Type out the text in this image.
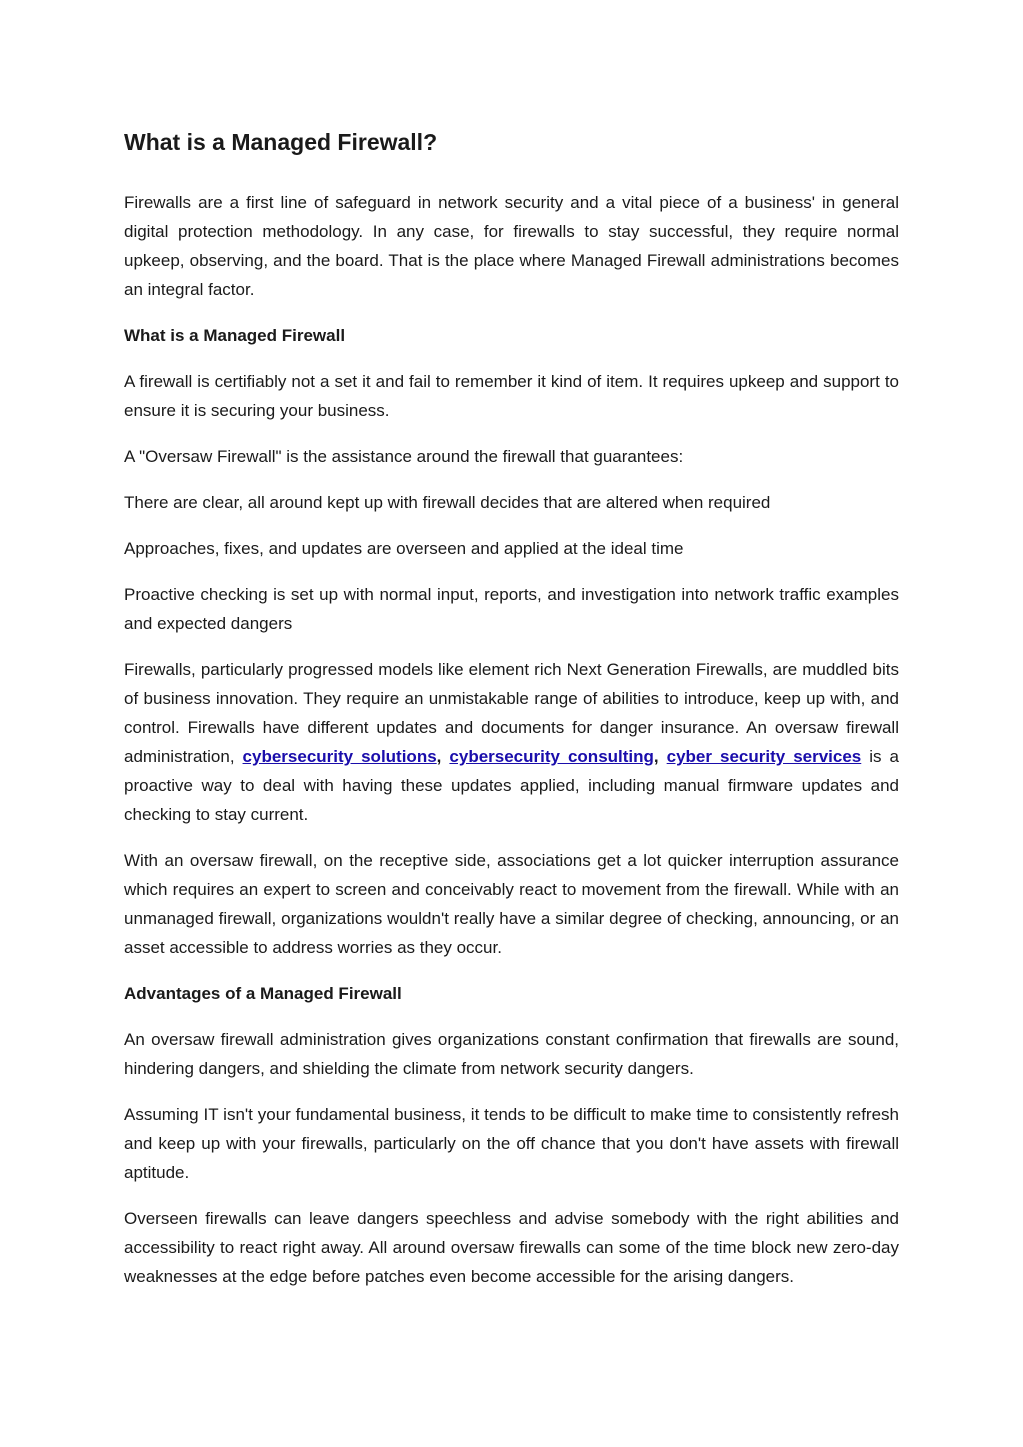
What is a Managed Firewall?

Firewalls are a first line of safeguard in network security and a vital piece of a business' in general digital protection methodology. In any case, for firewalls to stay successful, they require normal upkeep, observing, and the board. That is the place where Managed Firewall administrations becomes an integral factor.

What is a Managed Firewall

A firewall is certifiably not a set it and fail to remember it kind of item. It requires upkeep and support to ensure it is securing your business.

A "Oversaw Firewall" is the assistance around the firewall that guarantees:

There are clear, all around kept up with firewall decides that are altered when required

Approaches, fixes, and updates are overseen and applied at the ideal time

Proactive checking is set up with normal input, reports, and investigation into network traffic examples and expected dangers

Firewalls, particularly progressed models like element rich Next Generation Firewalls, are muddled bits of business innovation. They require an unmistakable range of abilities to introduce, keep up with, and control. Firewalls have different updates and documents for danger insurance. An oversaw firewall administration, cybersecurity solutions, cybersecurity consulting, cyber security services is a proactive way to deal with having these updates applied, including manual firmware updates and checking to stay current.

With an oversaw firewall, on the receptive side, associations get a lot quicker interruption assurance which requires an expert to screen and conceivably react to movement from the firewall. While with an unmanaged firewall, organizations wouldn't really have a similar degree of checking, announcing, or an asset accessible to address worries as they occur.

Advantages of a Managed Firewall

An oversaw firewall administration gives organizations constant confirmation that firewalls are sound, hindering dangers, and shielding the climate from network security dangers.

Assuming IT isn't your fundamental business, it tends to be difficult to make time to consistently refresh and keep up with your firewalls, particularly on the off chance that you don't have assets with firewall aptitude.

Overseen firewalls can leave dangers speechless and advise somebody with the right abilities and accessibility to react right away. All around oversaw firewalls can some of the time block new zero-day weaknesses at the edge before patches even become accessible for the arising dangers.
